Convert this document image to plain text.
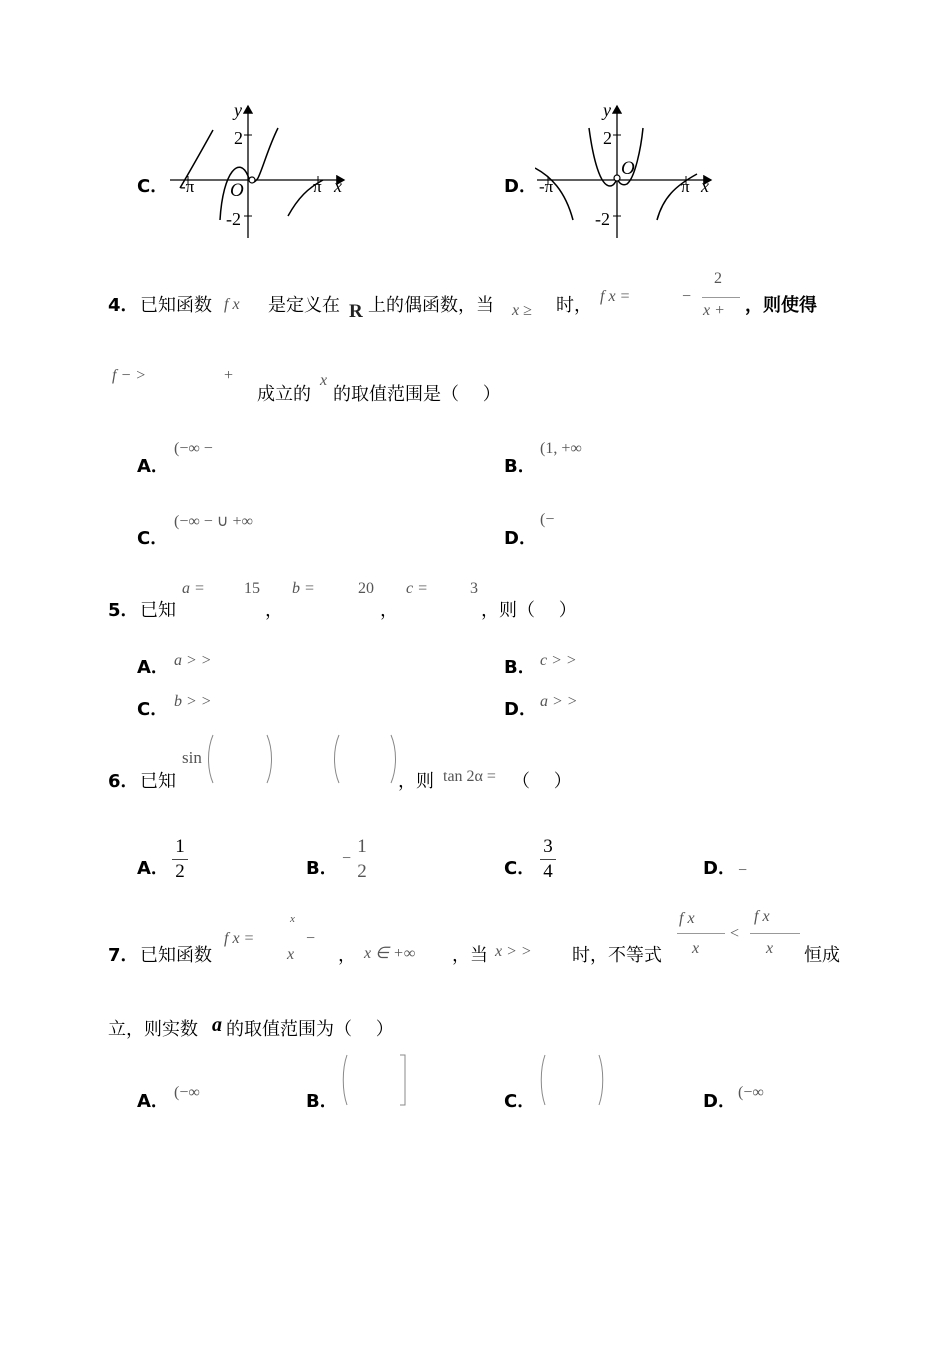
C．
y
x
O
2
-2
-π	π	D．
y
x
O
2
-2
-π	π
4． 已知函数 f x 是定义在 R 上的偶函数，当 x ≥ 时， f x =	−
2
x + ，则使得
f − >	+
成立的
x
的取值范围是（　 ）
A．
(−∞ −
B．
(1, +∞
C．
(−∞ − ∪ +∞
D．
(−
5． 已知
a = 15
，
b =	20
，
c =	3
，则（　 ）
A． a > >	B． c > >
C． b > >	D． a > >
6． 已知
sin
，则 tan 2α = （　 ）
A．
1
2	B． −
1
2	C．
3
4	D． −
7． 已知函数
f x =
x
−
x ， x ∈ +∞ ，当 x > > 时，不等式
f x
x
<
f x
x 恒成
立，则实数 a 的取值范围为（　 ）
A． (−∞	B．	C．	D． (−∞
